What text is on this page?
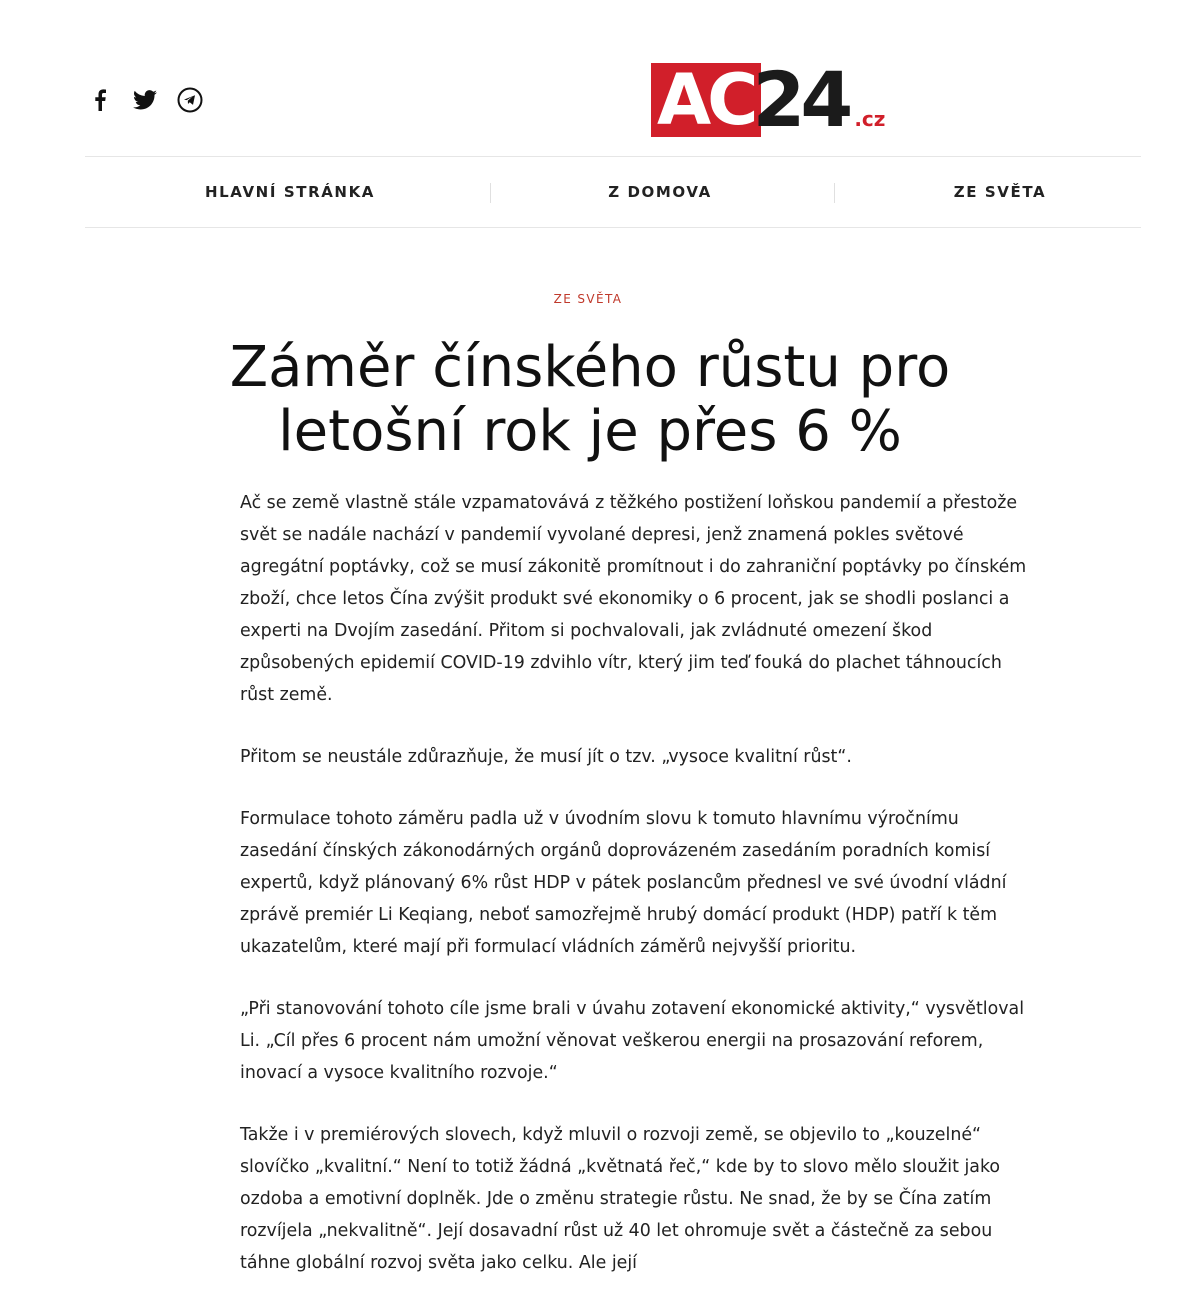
AC
24 .cz
HLAVNÍ STRÁNKA	Z DOMOVA	ZE SVĚTA
ZE SVĚTA
Záměr čínského růstu pro
letošní rok je přes 6 %

Ač se země vlastně stále vzpamatovává z těžkého postižení loňskou pandemií a přestože svět se nadále nachází v pandemií vyvolané depresi, jenž znamená pokles světové agregátní poptávky, což se musí zákonitě promítnout i do zahraniční poptávky po čínském zboží, chce letos Čína zvýšit produkt své ekonomiky o 6 procent, jak se shodli poslanci a experti na Dvojím zasedání. Přitom si pochvalovali, jak zvládnuté omezení škod způsobených epidemií COVID-19 zdvihlo vítr, který jim teď fouká do plachet táhnoucích růst země.

Přitom se neustále zdůrazňuje, že musí jít o tzv. „vysoce kvalitní růst“.

Formulace tohoto záměru padla už v úvodním slovu k tomuto hlavnímu výročnímu zasedání čínských zákonodárných orgánů doprovázeném zasedáním poradních komisí expertů, když plánovaný 6% růst HDP v pátek poslancům přednesl ve své úvodní vládní zprávě premiér Li Keqiang, neboť samozřejmě hrubý domácí produkt (HDP) patří k těm ukazatelům, které mají při formulací vládních záměrů nejvyšší prioritu.

„Při stanovování tohoto cíle jsme brali v úvahu zotavení ekonomické aktivity,“ vysvětloval Li. „Cíl přes 6 procent nám umožní věnovat veškerou energii na prosazování reforem, inovací a vysoce kvalitního rozvoje.“

Takže i v premiérových slovech, když mluvil o rozvoji země, se objevilo to „kouzelné“ slovíčko „kvalitní.“ Není to totiž žádná „květnatá řeč,“ kde by to slovo mělo sloužit jako ozdoba a emotivní doplněk. Jde o změnu strategie růstu. Ne snad, že by se Čína zatím rozvíjela „nekvalitně“. Její dosavadní růst už 40 let ohromuje svět a částečně za sebou táhne globální rozvoj světa jako celku. Ale její
